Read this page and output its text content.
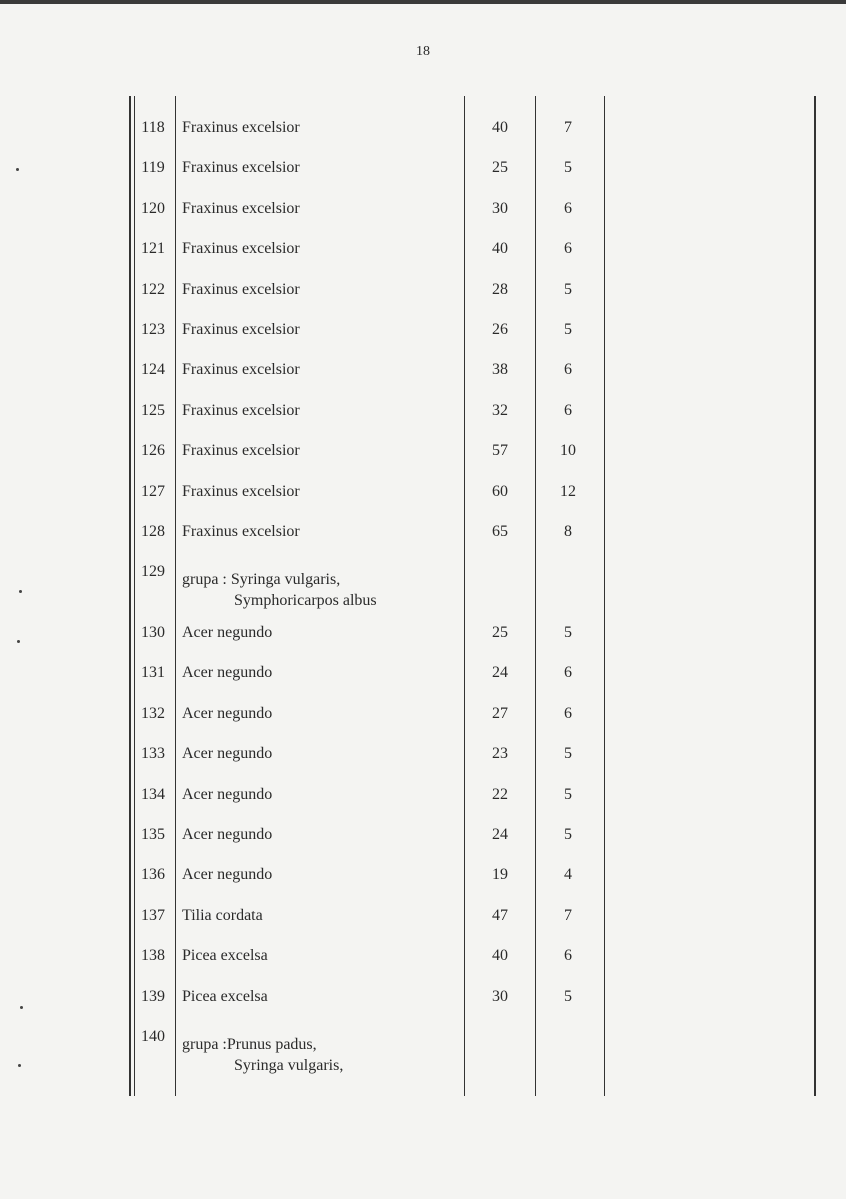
18
118	Fraxinus excelsior	40	7
119	Fraxinus excelsior	25	5
120	Fraxinus excelsior	30	6
121	Fraxinus excelsior	40	6
122	Fraxinus excelsior	28	5
123	Fraxinus excelsior	26	5
124	Fraxinus excelsior	38	6
125	Fraxinus excelsior	32	6
126	Fraxinus excelsior	57	10
127	Fraxinus excelsior	60	12
128	Fraxinus excelsior	65	8
129	grupa : Syringa vulgaris,
Symphoricarpos albus
130	Acer negundo	25	5
131	Acer negundo	24	6
132	Acer negundo	27	6
133	Acer negundo	23	5
134	Acer negundo	22	5
135	Acer negundo	24	5
136	Acer negundo	19	4
137	Tilia cordata	47	7
138	Picea excelsa	40	6
139	Picea excelsa	30	5
140	grupa :Prunus padus,
Syringa vulgaris,
